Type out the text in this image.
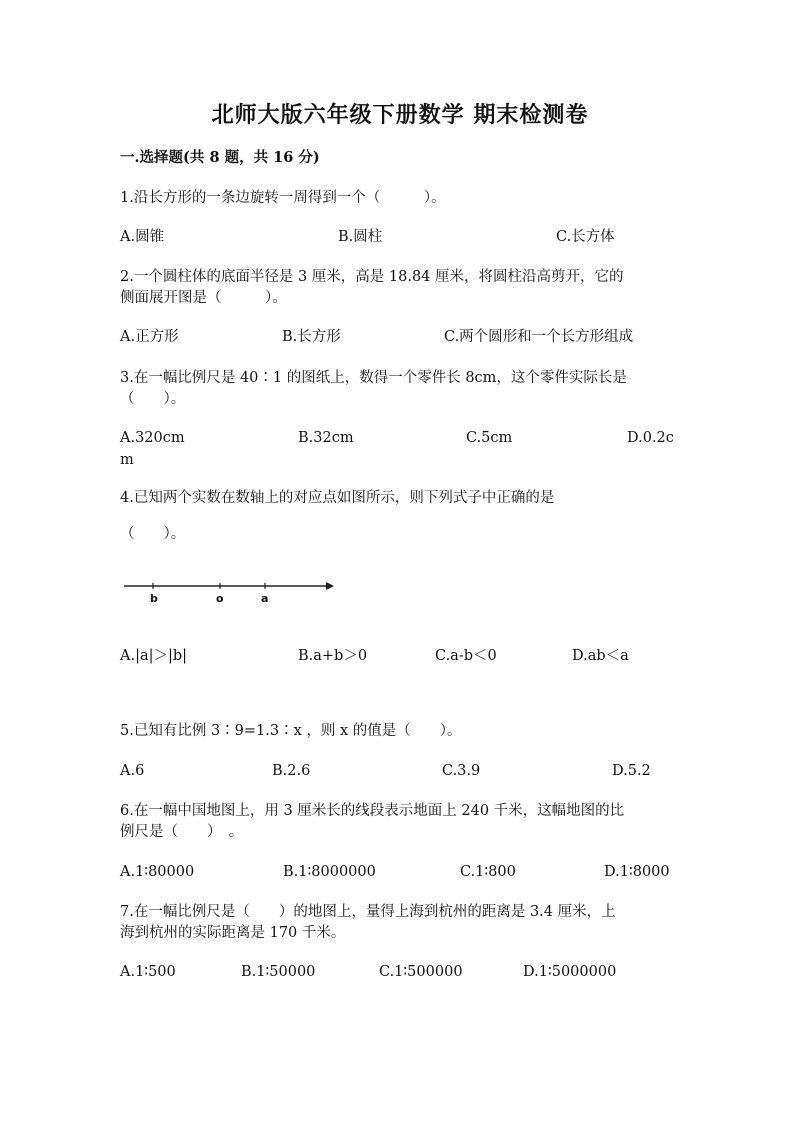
北师大版六年级下册数学 期末检测卷
一.选择题(共 8 题，共 16 分)
1.沿长方形的一条边旋转一周得到一个（　　　）。
A.圆锥	B.圆柱	C.长方体
2.一个圆柱体的底面半径是 3 厘米，高是 18.84 厘米，将圆柱沿高剪开，它的
侧面展开图是（　　　）。
A.正方形	B.长方形	C.两个圆形和一个长方形组成
3.在一幅比例尺是 40∶1 的图纸上，数得一个零件长 8cm，这个零件实际长是
（　　）。
A.320cm	B.32cm	C.5cm	D.0.2c
m
4.已知两个实数在数轴上的对应点如图所示，则下列式子中正确的是
（　　）。
b	o	a
A.|a|＞|b|	B.a+b＞0	C.a-b＜0	D.ab＜a
5.已知有比例 3∶9=1.3∶x ，则 x 的值是（　　）。
A.6	B.2.6	C.3.9	D.5.2
6.在一幅中国地图上，用 3 厘米长的线段表示地面上 240 千米，这幅地图的比
例尺是（　　）　。
A.1∶80000	B.1∶8000000	C.1∶800	D.1∶8000
7.在一幅比例尺是（　　）的地图上，量得上海到杭州的距离是 3.4 厘米，上
海到杭州的实际距离是 170 千米。
A.1∶500	B.1∶50000	C.1∶500000	D.1∶5000000
